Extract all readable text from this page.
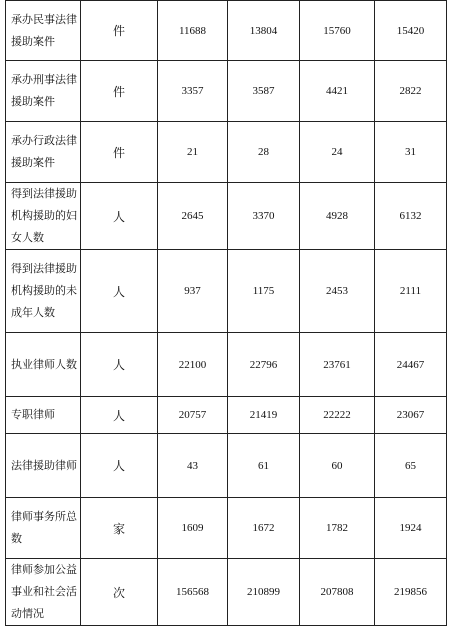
承办民事法律援助案件	件	11688	13804	15760	15420
承办刑事法律援助案件	件	3357	3587	4421	2822
承办行政法律援助案件	件	21	28	24	31
得到法律援助机构援助的妇女人数	人	2645	3370	4928	6132
得到法律援助机构援助的未成年人数	人	937	1175	2453	2111
执业律师人数	人	22100	22796	23761	24467
专职律师	人	20757	21419	22222	23067
法律援助律师	人	43	61	60	65
律师事务所总数	家	1609	1672	1782	1924
律师参加公益事业和社会活动情况	次	156568	210899	207808	219856
